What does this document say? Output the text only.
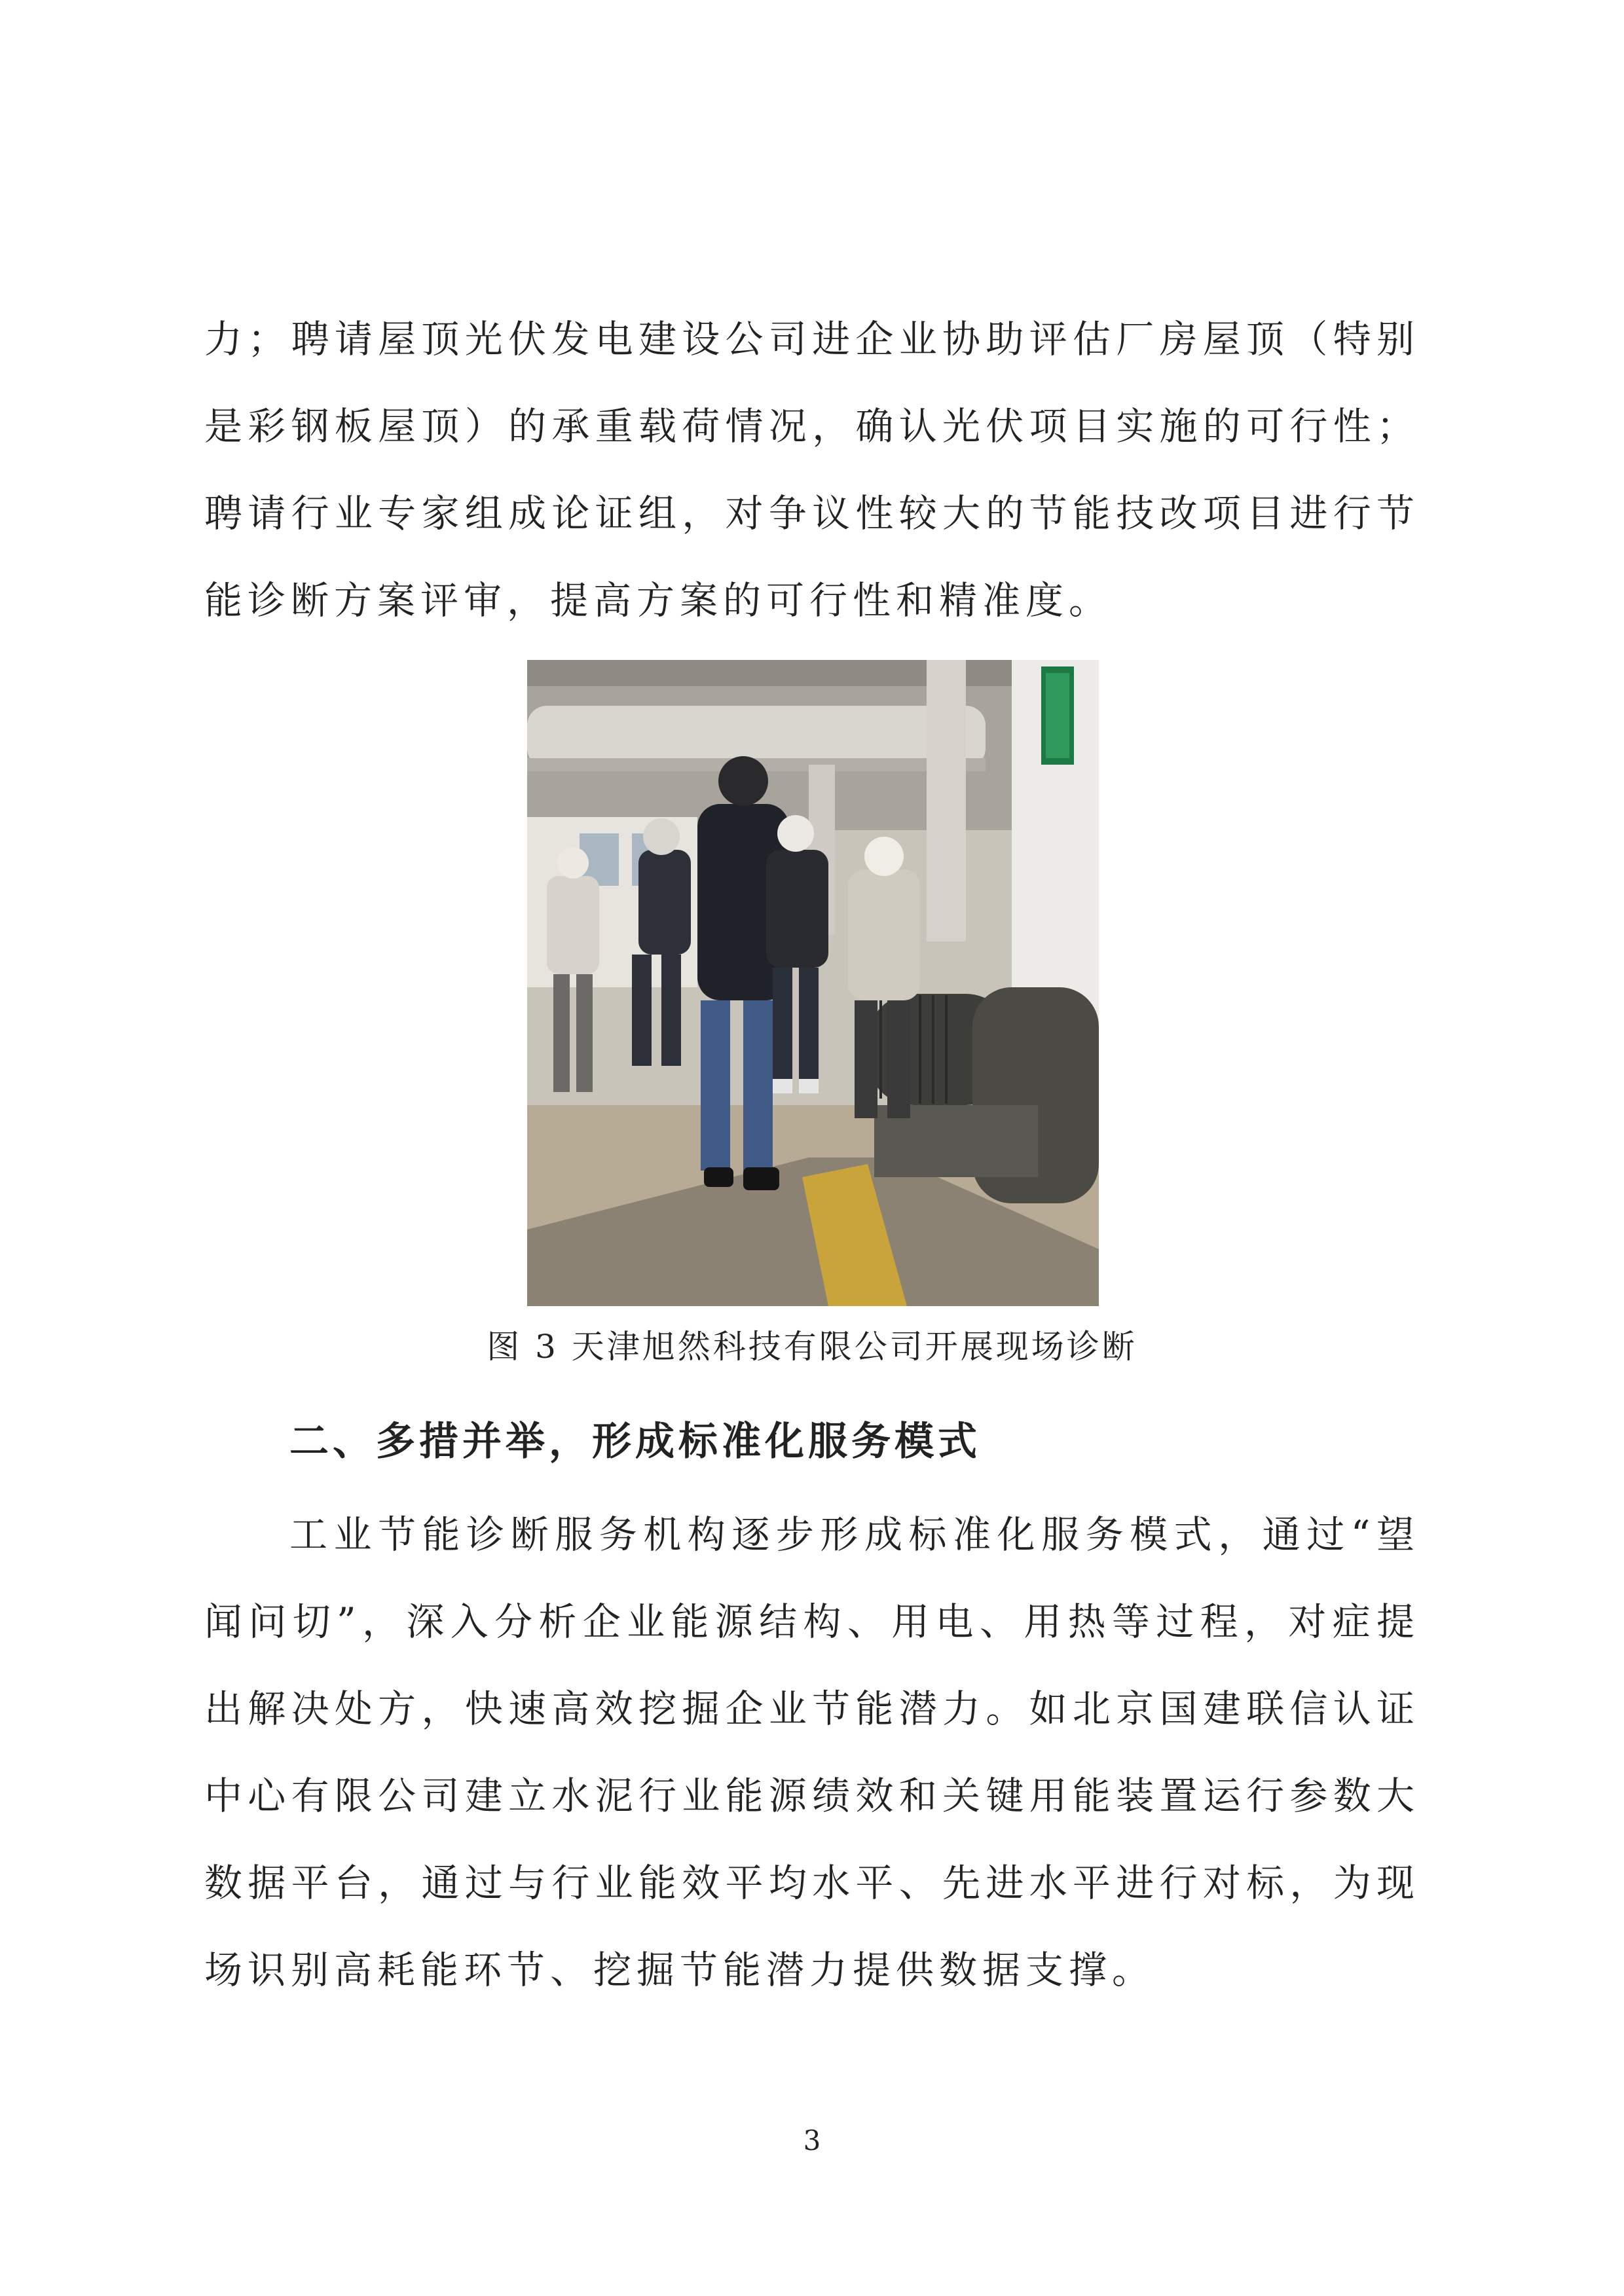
力；聘请屋顶光伏发电建设公司进企业协助评估厂房屋顶（特别是彩钢板屋顶）的承重载荷情况，确认光伏项目实施的可行性；聘请行业专家组成论证组，对争议性较大的节能技改项目进行节能诊断方案评审，提高方案的可行性和精准度。

图 3 天津旭然科技有限公司开展现场诊断
二、多措并举，形成标准化服务模式

工业节能诊断服务机构逐步形成标准化服务模式，通过“望闻问切”，深入分析企业能源结构、用电、用热等过程，对症提出解决处方，快速高效挖掘企业节能潜力。如北京国建联信认证中心有限公司建立水泥行业能源绩效和关键用能装置运行参数大数据平台，通过与行业能效平均水平、先进水平进行对标，为现场识别高耗能环节、挖掘节能潜力提供数据支撑。

3
